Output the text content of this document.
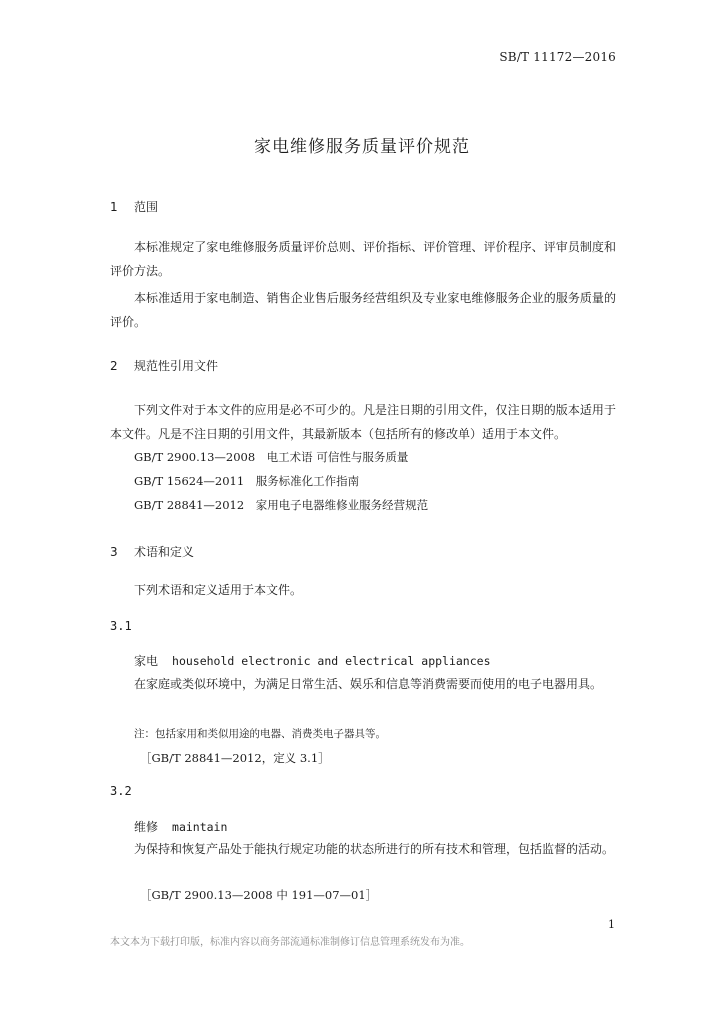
SB/T 11172—2016
家电维修服务质量评价规范
1 范围

本标准规定了家电维修服务质量评价总则、评价指标、评价管理、评价程序、评审员制度和评价方法。

本标准适用于家电制造、销售企业售后服务经营组织及专业家电维修服务企业的服务质量的评价。

2 规范性引用文件

下列文件对于本文件的应用是必不可少的。凡是注日期的引用文件，仅注日期的版本适用于本文件。凡是不注日期的引用文件，其最新版本（包括所有的修改单）适用于本文件。

GB/T 2900.13—2008　电工术语 可信性与服务质量
GB/T 15624—2011　服务标准化工作指南
GB/T 28841—2012　家用电子电器维修业服务经营规范
3 术语和定义
下列术语和定义适用于本文件。
3.1
家电 household electronic and electrical appliances

在家庭或类似环境中，为满足日常生活、娱乐和信息等消费需要而使用的电子电器用具。

注：包括家用和类似用途的电器、消费类电子器具等。
［GB/T 28841—2012，定义 3.1］
3.2
维修 maintain

为保持和恢复产品处于能执行规定功能的状态所进行的所有技术和管理，包括监督的活动。

［GB/T 2900.13—2008 中 191—07—01］
1
本文本为下载打印版，标准内容以商务部流通标准制修订信息管理系统发布为准。
